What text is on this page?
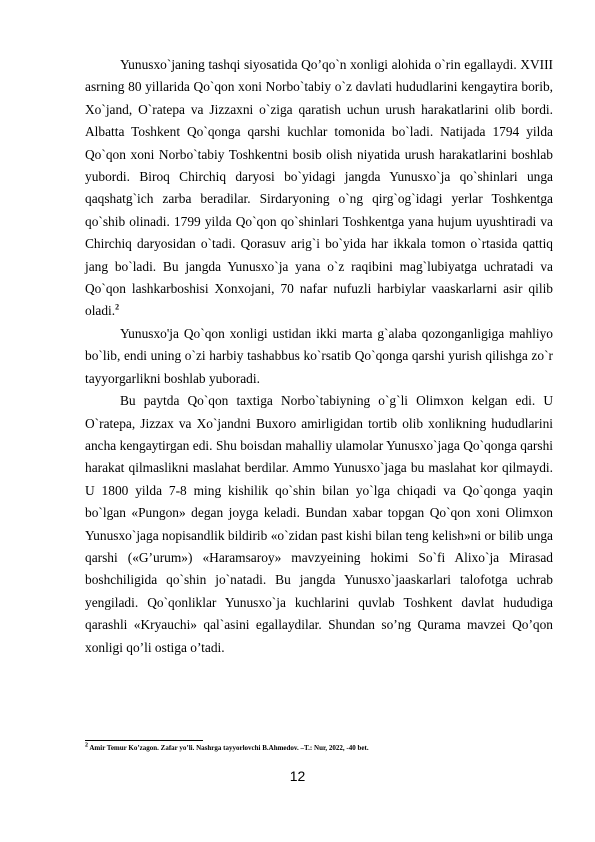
Yunusxo`janing tashqi siyosatida Qo’qo`n xonligi alohida o`rin egallaydi. XVIII asrning 80 yillarida Qo`qon xoni Norbo`tabiy o`z davlati hududlarini kengaytira borib, Xo`jand, O`ratepa va Jizzaxni o`ziga qaratish uchun urush harakatlarini olib bordi. Albatta Toshkent Qo`qonga qarshi kuchlar tomonida bo`ladi. Natijada 1794 yilda Qo`qon xoni Norbo`tabiy Toshkentni bosib olish niyatida urush harakatlarini boshlab yubordi. Biroq Chirchiq daryosi bo`yidagi jangda Yunusxo`ja qo`shinlari unga qaqshatg`ich zarba beradilar. Sirdaryoning o`ng qirg`og`idagi yerlar Toshkentga qo`shib olinadi. 1799 yilda Qo`qon qo`shinlari Toshkentga yana hujum uyushtiradi va Chirchiq daryosidan o`tadi. Qorasuv arig`i bo`yida har ikkala tomon o`rtasida qattiq jang bo`ladi. Bu jangda Yunusxo`ja yana o`z raqibini mag`lubiyatga uchratadi va Qo`qon lashkarboshisi Xonxojani, 70 nafar nufuzli harbiylar vaaskarlarni asir qilib oladi.$^2$

Yunusxo'ja Qo`qon xonligi ustidan ikki marta g`alaba qozonganligiga mahliyo bo`lib, endi uning o`zi harbiy tashabbus ko`rsatib Qo`qonga qarshi yurish qilishga zo`r tayyorgarlikni boshlab yuboradi.

Bu paytda Qo`qon taxtiga Norbo`tabiyning o`g`li Olimxon kelgan edi. U O`ratepa, Jizzax va Xo`jandni Buxoro amirligidan tortib olib xonlikning hududlarini ancha kengaytirgan edi. Shu boisdan mahalliy ulamolar Yunusxo`jaga Qo`qonga qarshi harakat qilmaslikni maslahat berdilar. Ammo Yunusxo`jaga bu maslahat kor qilmaydi. U 1800 yilda 7-8 ming kishilik qo`shin bilan yo`lga chiqadi va Qo`qonga yaqin bo`lgan «Pungon» degan joyga keladi. Bundan xabar topgan Qo`qon xoni Olimxon Yunusxo`jaga nopisandlik bildirib «o`zidan past kishi bilan teng kelish»ni or bilib unga qarshi («G’urum») «Haramsaroy» mavzyeining hokimi So`fi Alixo`ja Mirasad boshchiligida qo`shin jo`natadi. Bu jangda Yunusxo`jaaskarlari talofotga uchrab yengiladi. Qo`qonliklar Yunusxo`ja kuchlarini quvlab Toshkent davlat hududiga qarashli «Kryauchi» qal`asini egallaydilar. Shundan so’ng Qurama mavzei Qo’qon xonligi qo’li ostiga o’tadi.

$^2$ Amir Temur Ko’zagon. Zafar yo’li. Nashrga tayyorlovchi B.Ahmedov. –T.: Nur, 2022, -40 bet.
12
